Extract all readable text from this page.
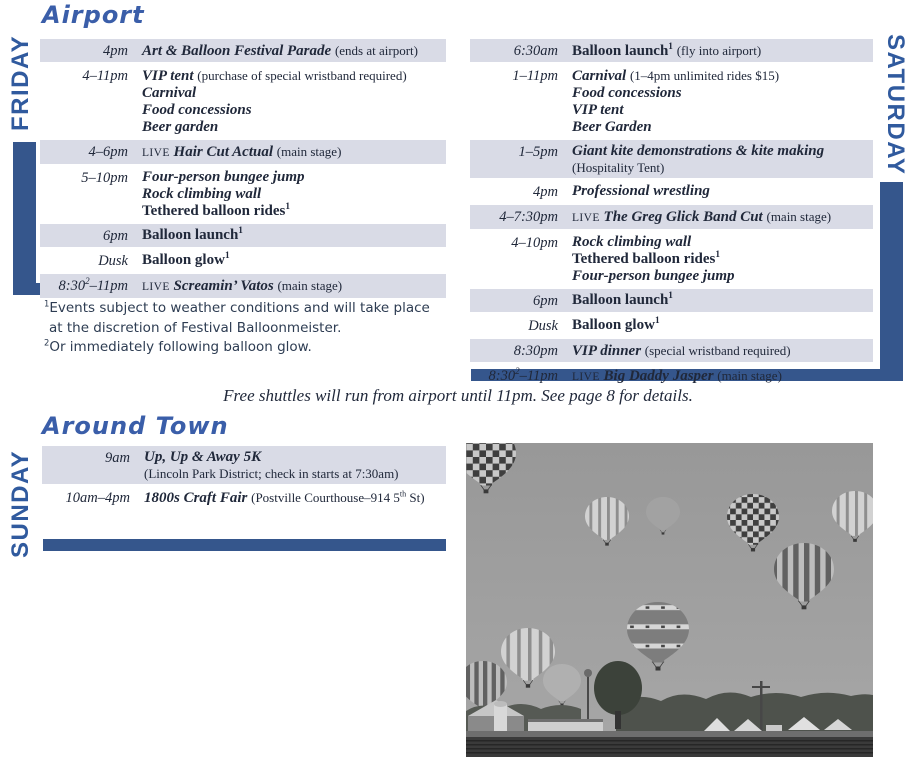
Airport
FRIDAY	SATURDAY
4pm Art & Balloon Festival Parade (ends at airport)
4–11pm VIP tent (purchase of special wristband required)
Carnival
Food concessions
Beer garden
4–6pm LIVE Hair Cut Actual (main stage)
5–10pm Four-person bungee jump
Rock climbing wall
Tethered balloon rides$^1$
6pm Balloon launch$^1$
Dusk Balloon glow$^1$
$8:30^2-11pm$ LIVE Screamin’ Vatos (main stage)
6:30am Balloon launch$^1$ (fly into airport)
1–11pm Carnival (1–4pm unlimited rides $15)
Food concessions
VIP tent
Beer Garden
1–5pm Giant kite demonstrations & kite making
(Hospitality Tent)
4pm Professional wrestling
4–7:30pm LIVE The Greg Glick Band Cut (main stage)
4–10pm Rock climbing wall
Tethered balloon rides$^1$
Four-person bungee jump
6pm Balloon launch$^1$
Dusk Balloon glow$^1$
8:30pm VIP dinner (special wristband required)
$8:30^2-11pm$ LIVE Big Daddy Jasper (main stage)
$^1$Events subject to weather conditions and will take place
at the discretion of Festival Balloonmeister.
$^2$Or immediately following balloon glow.
Free shuttles will run from airport until 11pm. See page 8 for details.
Around Town
SUNDAY	9am Up, Up & Away 5K
(Lincoln Park District; check in starts at 7:30am)
10am–4pm 1800s Craft Fair (Postville Courthouse–914 5th St)
